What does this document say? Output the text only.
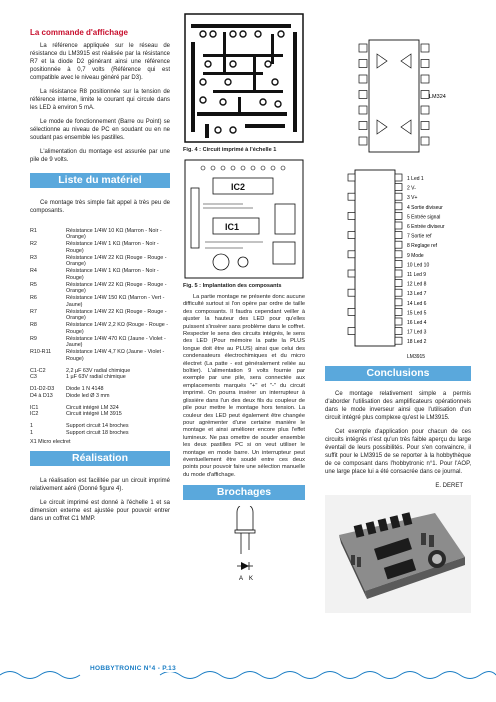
La commande d'affichage

La référence appliquée sur le réseau de résistance du LM3915 est réalisée par la résistance R7 et la diode D2 générant ainsi une référence positionnée à 0,7 volts (Référence qui est compatible avec le niveau généré par D3).

La résistance R8 positionnée sur la tension de référence interne, limite le courant qui circule dans les LED à environ 5 mA.

Le mode de fonctionnement (Barre ou Point) se sélectionne au niveau de PC en soudant ou en ne soudant pas ensemble les pastilles.

L'alimentation du montage est assurée par une pile de 9 volts.

Liste du matériel

Ce montage très simple fait appel à très peu de composants.

R1	Résistance 1/4W 10 KΩ (Marron - Noir - Orange)
R2	Résistance 1/4W 1 KΩ (Marron - Noir - Rouge)
R3	Résistance 1/4W 22 KΩ (Rouge - Rouge - Orange)
R4	Résistance 1/4W 1 KΩ (Marron - Noir - Rouge)
R5	Résistance 1/4W 22 KΩ (Rouge - Rouge - Orange)
R6	Résistance 1/4W 150 KΩ (Marron - Vert - Jaune)
R7	Résistance 1/4W 22 KΩ (Rouge - Rouge - Orange)
R8	Résistance 1/4W 2,2 KΩ (Rouge - Rouge - Rouge)
R9	Résistance 1/4W 470 KΩ (Jaune - Violet - Jaune)
R10-R11	Résistance 1/4W 4,7 KΩ (Jaune - Violet - Rouge)
C1-C2	2,2 µF 63V radial chimique
C3	1 µF 63V radial chimique
D1-D2-D3	Diode 1 N 4148
D4 à D13	Diode led Ø 3 mm
IC1	Circuit intégré LM 324
IC2	Circuit intégré LM 3915
1	Support circuit 14 broches
1	Support circuit 18 broches
X1 Micro electret
Réalisation

La réalisation est facilitée par un circuit imprimé relativement aéré (Donné figure 4).

Le circuit imprimé est donné à l'échelle 1 et sa dimension externe est ajustée pour pouvoir entrer dans un coffret C1 MMP.

Fig. 4 : Circuit imprimé à l'échelle 1
IC2
IC1
Fig. 5 : Implantation des composants

La partie montage ne présente donc aucune difficulté surtout si l'on opère par ordre de taille des composants. Il faudra cependant veiller à ajuster la hauteur des LED pour qu'elles puissent s'insérer sans problème dans le coffret. Respecter le sens des circuits intégrés, le sens des LED (Pour mémoire la patte la PLUS longue doit être au PLUS) ainsi que celui des condensateurs électrochimiques et du micro électret (La patte - est généralement reliée au boîtier). L'alimentation 9 volts fournie par exemple par une pile, sera connectée aux emplacements marqués "+" et "-" du circuit imprimé. On pourra insérer un interrupteur à glissière dans l'un des deux fils du coupleur de pile pour mettre le montage hors tension. La couleur des LED peut également être changée pour agrémenter d'une certaine manière le montage et ainsi améliorer encore plus l'effet lumineux. Ne pas omettre de souder ensemble les deux pastilles PC si on veut utiliser le montage en mode barre. Un interrupteur peut éventuellement être soudé entre ces deux points pour pouvoir faire une sélection manuelle du mode d'affichage.

Brochages
A K
LM324
1 Led 1
2 V-
3 V+
4 Sortie diviseur
5 Entrée signal
6 Entrée diviseur
7 Sortie ref
8 Reglage ref
9 Mode
10 Led 10
11 Led 9
12 Led 8
13 Led 7
14 Led 6
15 Led 5
16 Led 4
17 Led 3
18 Led 2
LM3915
Conclusions

Ce montage relativement simple a permis d'aborder l'utilisation des amplificateurs opérationnels dans le mode inverseur ainsi que l'utilisation d'un circuit intégré plus complexe qu'est le LM3915.

Cet exemple d'application pour chacun de ces circuits intégrés n'est qu'un très faible aperçu du large éventail de leurs possibilités. Pour s'en convaincre, il suffit pour le LM3915 de se reporter à la hobbythèque de ce composant dans l'hobbytronic n°1. Pour l'AOP, une large place lui a été consacrée dans ce journal.

E. DERET
HOBBYTRONIC N°4 - P.13
